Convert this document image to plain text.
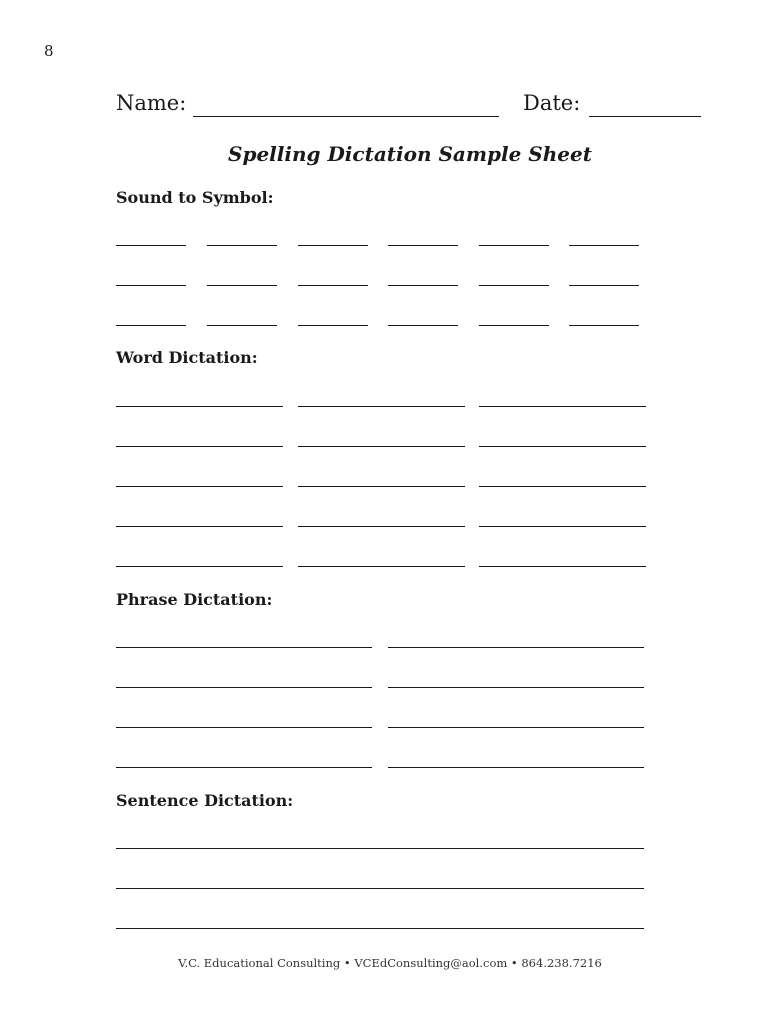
8
Name:	Date:
Spelling Dictation Sample Sheet
Sound to Symbol:
Word Dictation:
Phrase Dictation:
Sentence Dictation:
V.C. Educational Consulting • VCEdConsulting@aol.com • 864.238.7216
